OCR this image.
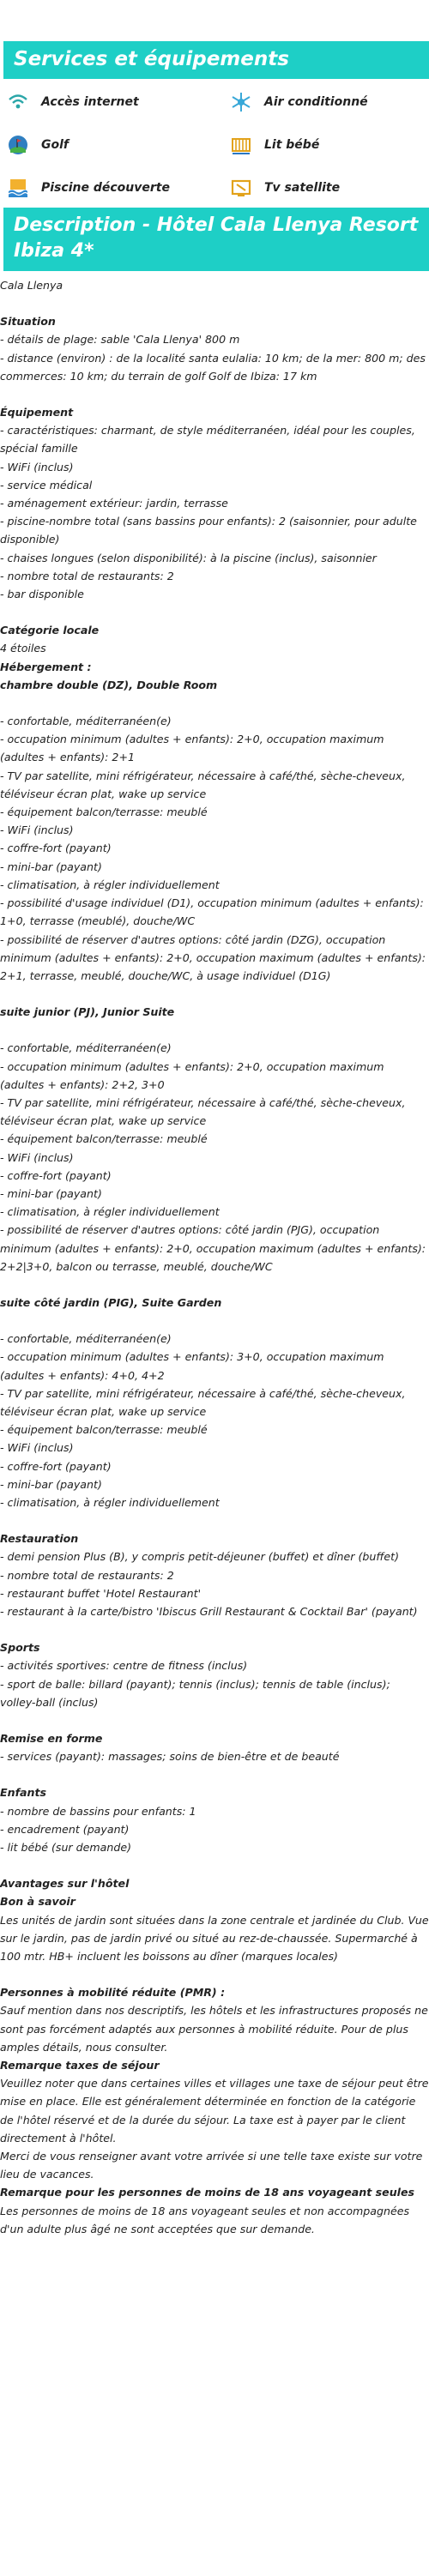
Services et équipements
Accès internet	Air conditionné
Golf	Lit bébé
Piscine découverte	Tv satellite
Description - Hôtel Cala Llenya Resort Ibiza 4*

Cala Llenya

Situation

- détails de plage: sable 'Cala Llenya' 800 m

- distance (environ) : de la localité santa eulalia: 10 km; de la mer: 800 m; des commerces: 10 km; du terrain de golf Golf de Ibiza: 17 km

Équipement

- caractéristiques: charmant, de style méditerranéen, idéal pour les couples, spécial famille

- WiFi (inclus)

- service médical

- aménagement extérieur: jardin, terrasse

- piscine-nombre total (sans bassins pour enfants): 2 (saisonnier, pour adulte disponible)

- chaises longues (selon disponibilité): à la piscine (inclus), saisonnier

- nombre total de restaurants: 2

- bar disponible

Catégorie locale

4 étoiles

Hébergement :

chambre double (DZ), Double Room

- confortable, méditerranéen(e)

- occupation minimum (adultes + enfants): 2+0, occupation maximum (adultes + enfants): 2+1

- TV par satellite, mini réfrigérateur, nécessaire à café/thé, sèche-cheveux, téléviseur écran plat, wake up service

- équipement balcon/terrasse: meublé

- WiFi (inclus)

- coffre-fort (payant)

- mini-bar (payant)

- climatisation, à régler individuellement

- possibilité d'usage individuel (D1), occupation minimum (adultes + enfants): 1+0, terrasse (meublé), douche/WC

- possibilité de réserver d'autres options: côté jardin (DZG), occupation minimum (adultes + enfants): 2+0, occupation maximum (adultes + enfants): 2+1, terrasse, meublé, douche/WC, à usage individuel (D1G)

suite junior (PJ), Junior Suite

- confortable, méditerranéen(e)

- occupation minimum (adultes + enfants): 2+0, occupation maximum (adultes + enfants): 2+2, 3+0

- TV par satellite, mini réfrigérateur, nécessaire à café/thé, sèche-cheveux, téléviseur écran plat, wake up service

- équipement balcon/terrasse: meublé

- WiFi (inclus)

- coffre-fort (payant)

- mini-bar (payant)

- climatisation, à régler individuellement

- possibilité de réserver d'autres options: côté jardin (PJG), occupation minimum (adultes + enfants): 2+0, occupation maximum (adultes + enfants): 2+2|3+0, balcon ou terrasse, meublé, douche/WC

suite côté jardin (PIG), Suite Garden

- confortable, méditerranéen(e)

- occupation minimum (adultes + enfants): 3+0, occupation maximum (adultes + enfants): 4+0, 4+2

- TV par satellite, mini réfrigérateur, nécessaire à café/thé, sèche-cheveux, téléviseur écran plat, wake up service

- équipement balcon/terrasse: meublé

- WiFi (inclus)

- coffre-fort (payant)

- mini-bar (payant)

- climatisation, à régler individuellement

Restauration

- demi pension Plus (B), y compris petit-déjeuner (buffet) et dîner (buffet)

- nombre total de restaurants: 2

- restaurant buffet 'Hotel Restaurant'

- restaurant à la carte/bistro 'Ibiscus Grill Restaurant & Cocktail Bar' (payant)

Sports

- activités sportives: centre de fitness (inclus)

- sport de balle: billard (payant); tennis (inclus); tennis de table (inclus); volley-ball (inclus)

Remise en forme

- services (payant): massages; soins de bien-être et de beauté

Enfants

- nombre de bassins pour enfants: 1

- encadrement (payant)

- lit bébé (sur demande)

Avantages sur l'hôtel

Bon à savoir

Les unités de jardin sont situées dans la zone centrale et jardinée du Club. Vue sur le jardin, pas de jardin privé ou situé au rez-de-chaussée. Supermarché à 100 mtr. HB+ incluent les boissons au dîner (marques locales)

Personnes à mobilité réduite (PMR) :

Sauf mention dans nos descriptifs, les hôtels et les infrastructures proposés ne sont pas forcément adaptés aux personnes à mobilité réduite. Pour de plus amples détails, nous consulter.

Remarque taxes de séjour

Veuillez noter que dans certaines villes et villages une taxe de séjour peut être mise en place. Elle est généralement déterminée en fonction de la catégorie de l'hôtel réservé et de la durée du séjour. La taxe est à payer par le client directement à l'hôtel.

Merci de vous renseigner avant votre arrivée si une telle taxe existe sur votre lieu de vacances.

Remarque pour les personnes de moins de 18 ans voyageant seules

Les personnes de moins de 18 ans voyageant seules et non accompagnées d'un adulte plus âgé ne sont acceptées que sur demande.
